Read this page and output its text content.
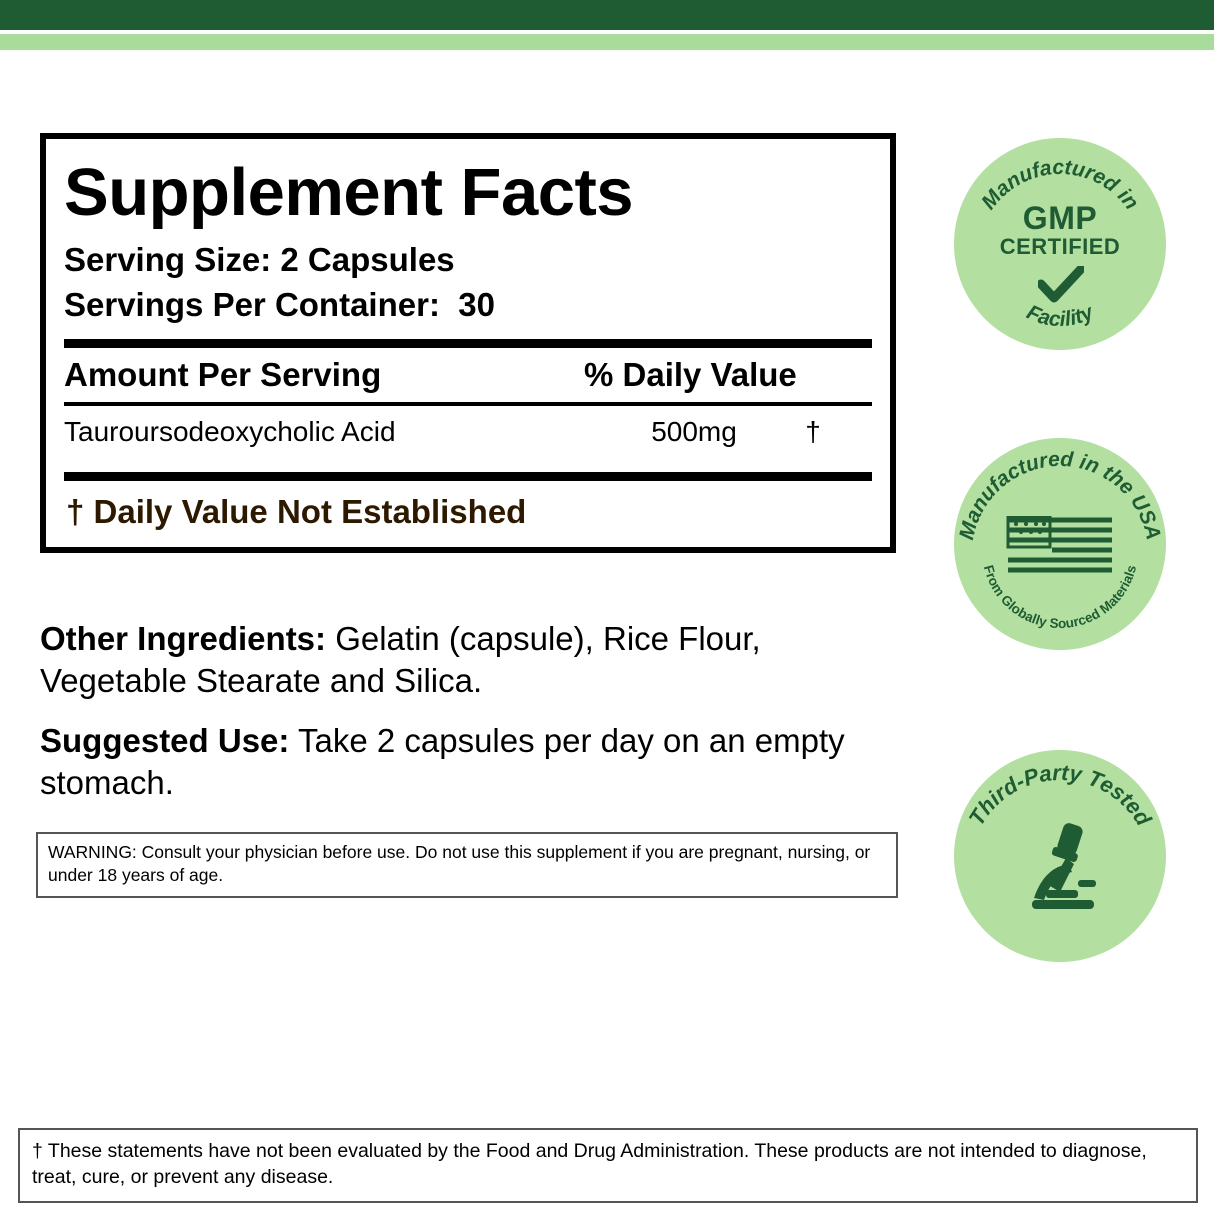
Supplement Facts
Serving Size: 2 Capsules
Servings Per Container:  30
Amount Per Serving	% Daily Value
Tauroursodeoxycholic Acid	500mg	†
† Daily Value Not Established
Other Ingredients: Gelatin (capsule), Rice Flour, Vegetable Stearate and Silica.
Suggested Use: Take 2 capsules per day on an empty stomach.
WARNING: Consult your physician before use. Do not use this supplement if you are pregnant, nursing, or under 18 years of age.
† These statements have not been evaluated by the Food and Drug Administration. These products are not intended to diagnose, treat, cure, or prevent any disease.
Manufactured in
Facility
GMP
CERTIFIED
Manufactured in the USA
From Globally Sourced Materials
Third-Party Tested
